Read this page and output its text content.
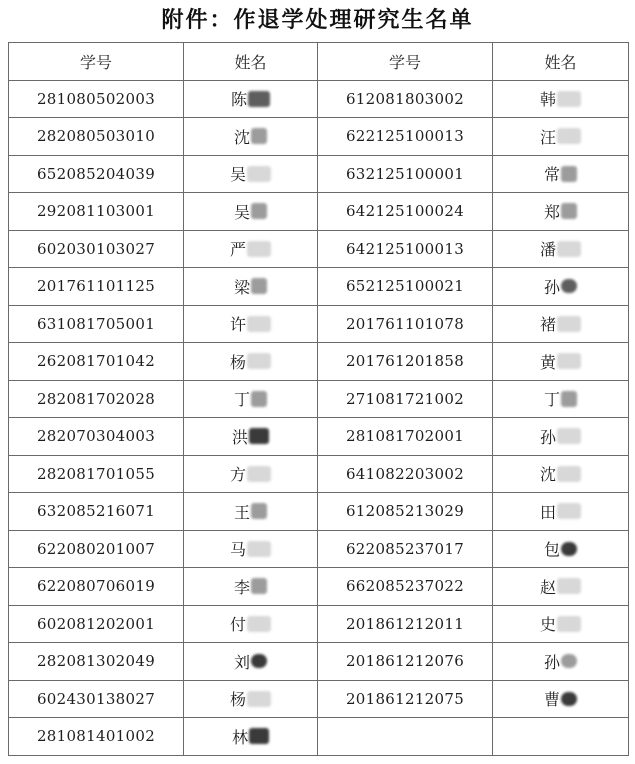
附件：作退学处理研究生名单
学号	姓名	学号	姓名
281080502003	陈	612081803002	韩
282080503010	沈	622125100013	汪
652085204039	吴	632125100001	常
292081103001	吴	642125100024	郑
602030103027	严	642125100013	潘
201761101125	梁	652125100021	孙
631081705001	许	201761101078	褚
262081701042	杨	201761201858	黄
282081702028	丁	271081721002	丁
282070304003	洪	281081702001	孙
282081701055	方	641082203002	沈
632085216071	王	612085213029	田
622080201007	马	622085237017	包
622080706019	李	662085237022	赵
602081202001	付	201861212011	史
282081302049	刘	201861212076	孙
602430138027	杨	201861212075	曹
281081401002	林		
